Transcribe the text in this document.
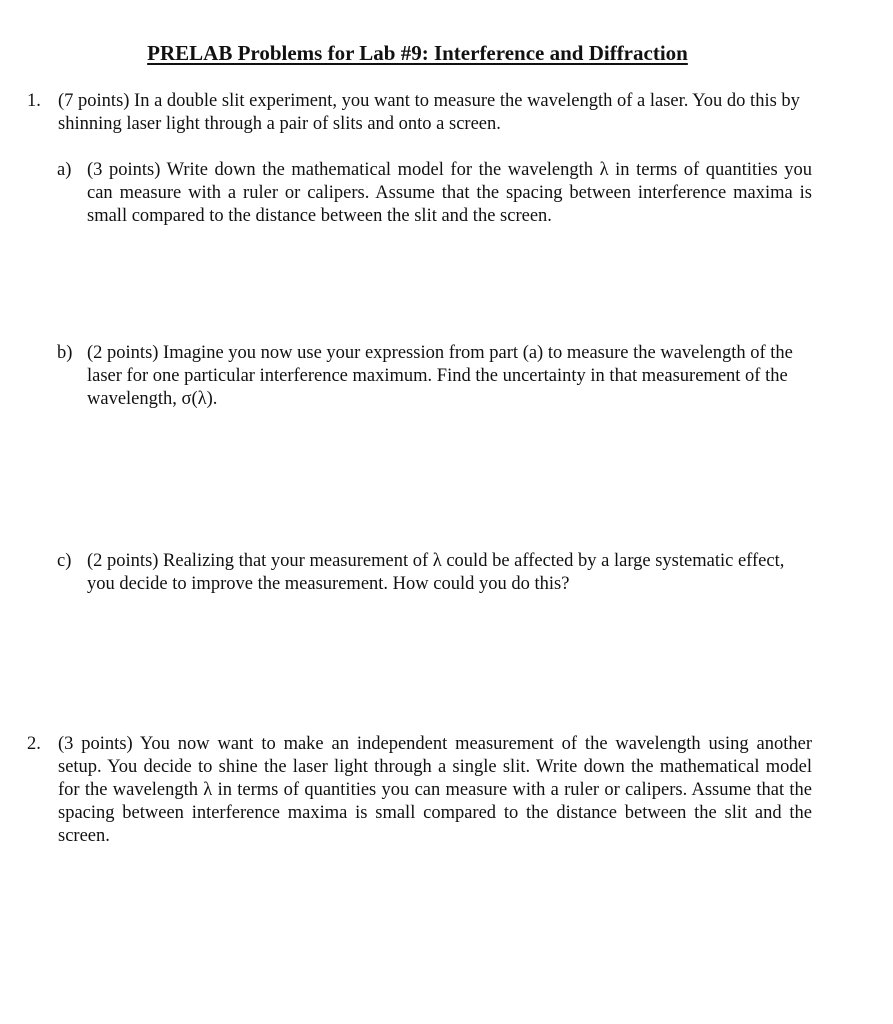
PRELAB Problems for Lab #9: Interference and Diffraction
1. (7 points) In a double slit experiment, you want to measure the wavelength of a laser. You do this by shinning laser light through a pair of slits and onto a screen.
a) (3 points) Write down the mathematical model for the wavelength λ in terms of quantities you can measure with a ruler or calipers. Assume that the spacing between interference maxima is small compared to the distance between the slit and the screen.
b) (2 points) Imagine you now use your expression from part (a) to measure the wavelength of the laser for one particular interference maximum. Find the uncertainty in that measurement of the wavelength, σ(λ).
c) (2 points) Realizing that your measurement of λ could be affected by a large systematic effect, you decide to improve the measurement. How could you do this?
2. (3 points) You now want to make an independent measurement of the wavelength using another setup. You decide to shine the laser light through a single slit. Write down the mathematical model for the wavelength λ in terms of quantities you can measure with a ruler or calipers. Assume that the spacing between interference maxima is small compared to the distance between the slit and the screen.
